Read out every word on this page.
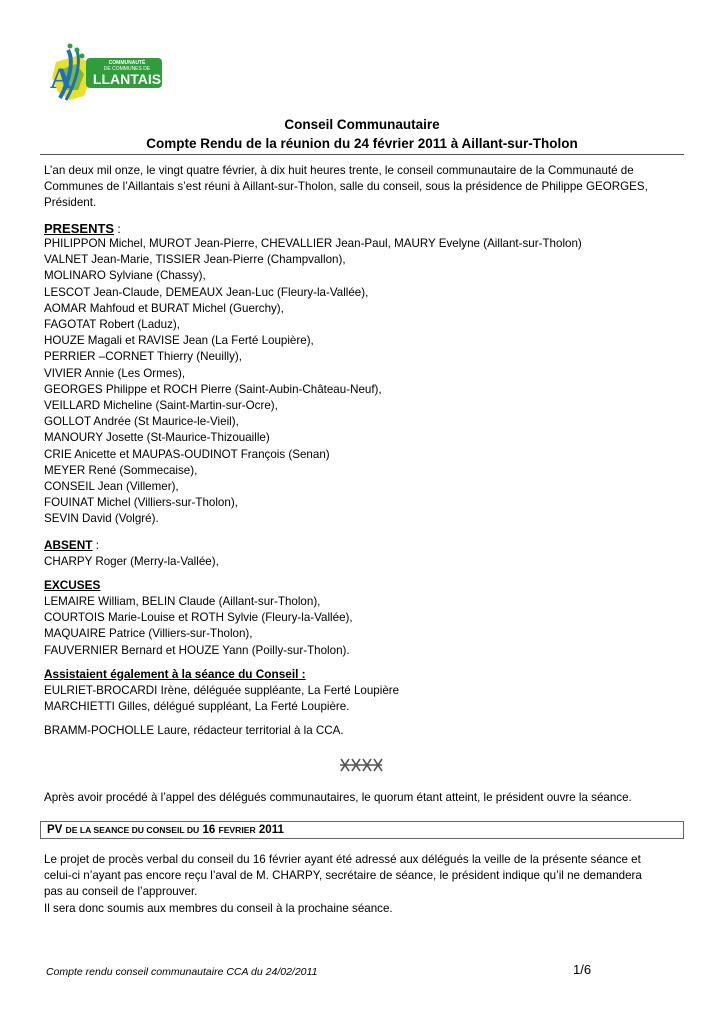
A	COMMUNAUTÉ
DE COMMUNES DE
LLANTAIS
Conseil Communautaire
Compte Rendu de la réunion du 24 février 2011 à Aillant-sur-Tholon
L’an deux mil onze, le vingt quatre février, à dix huit heures trente, le conseil communautaire de la Communauté de
Communes de l’Aillantais s’est réuni à Aillant-sur-Tholon, salle du conseil, sous la présidence de Philippe GEORGES,
Président.
PRESENTS :
PHILIPPON Michel, MUROT Jean-Pierre, CHEVALLIER Jean-Paul, MAURY Evelyne (Aillant-sur-Tholon)
VALNET Jean-Marie, TISSIER Jean-Pierre (Champvallon),
MOLINARO Sylviane (Chassy),
LESCOT Jean-Claude, DEMEAUX Jean-Luc (Fleury-la-Vallée),
AOMAR Mahfoud et BURAT Michel (Guerchy),
FAGOTAT Robert (Laduz),
HOUZE Magali et RAVISE Jean (La Ferté Loupière),
PERRIER –CORNET Thierry (Neuilly),
VIVIER Annie (Les Ormes),
GEORGES Philippe et ROCH Pierre (Saint-Aubin-Château-Neuf),
VEILLARD Micheline (Saint-Martin-sur-Ocre),
GOLLOT Andrée (St Maurice-le-Vieil),
MANOURY Josette (St-Maurice-Thizouaille)
CRIE Anicette et MAUPAS-OUDINOT François (Senan)
MEYER René (Sommecaise),
CONSEIL Jean (Villemer),
FOUINAT Michel (Villiers-sur-Tholon),
SEVIN David (Volgré).
ABSENT :
CHARPY Roger (Merry-la-Vallée),
EXCUSES
LEMAIRE William, BELIN Claude (Aillant-sur-Tholon),
COURTOIS Marie-Louise et ROTH Sylvie (Fleury-la-Vallée),
MAQUAIRE Patrice (Villiers-sur-Tholon),
FAUVERNIER Bernard et HOUZE Yann (Poilly-sur-Tholon).
Assistaient également à la séance du Conseil :
EULRIET-BROCARDI Irène, déléguée suppléante, La Ferté Loupière
MARCHIETTI Gilles, délégué suppléant, La Ferté Loupière.
BRAMM-POCHOLLE Laure, rédacteur territorial à la CCA.
Après avoir procédé à l’appel des délégués communautaires, le quorum étant atteint, le président ouvre la séance.
PV DE LA SEANCE DU CONSEIL DU 16 FEVRIER 2011
Le projet de procès verbal du conseil du 16 février ayant été adressé aux délégués la veille de la présente séance et
celui-ci n’ayant pas encore reçu l’aval de M. CHARPY, secrétaire de séance, le président indique qu’il ne demandera
pas au conseil de l’approuver.
Il sera donc soumis aux membres du conseil à la prochaine séance.
Compte rendu conseil communautaire CCA du 24/02/2011	1/6
